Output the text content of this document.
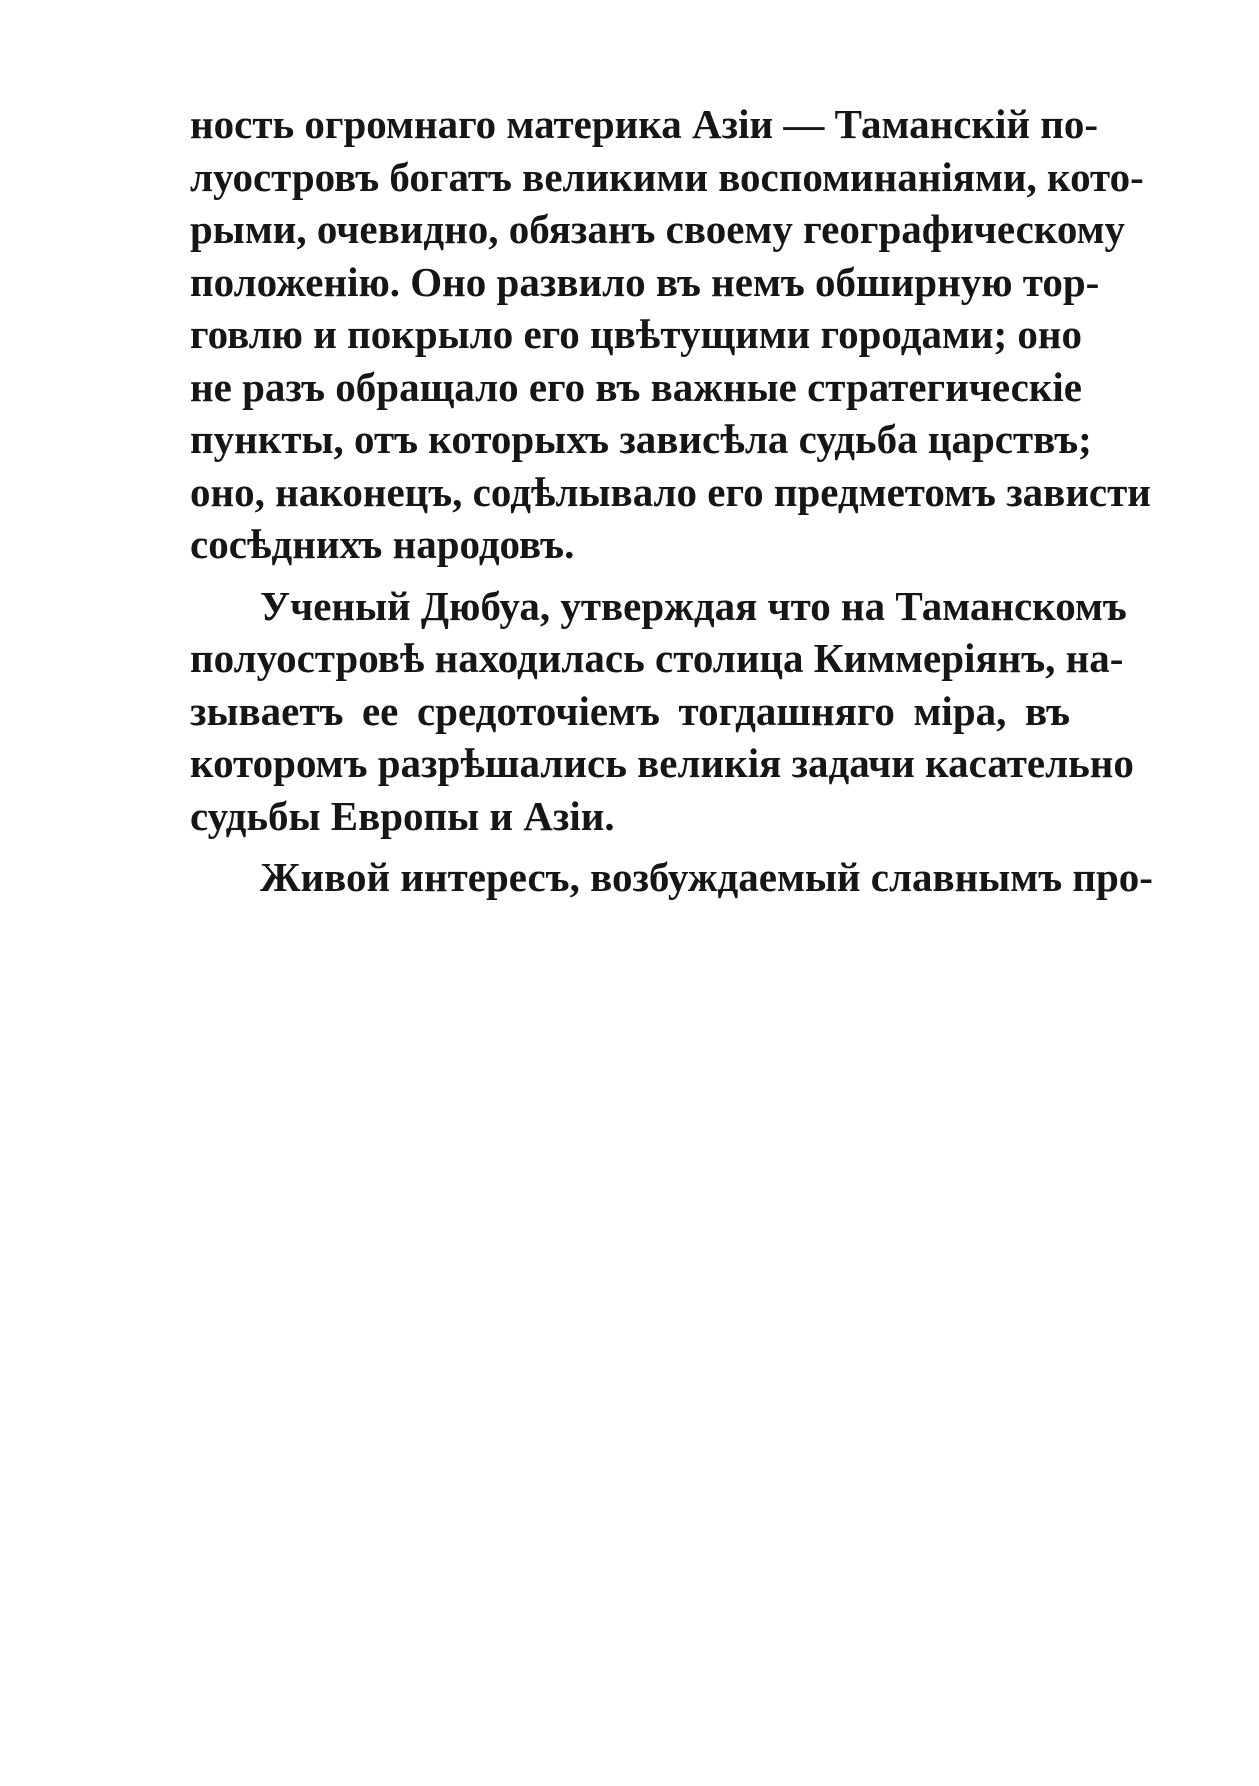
ность огромнаго материка Азіи — Таманскій по-
луостровъ богатъ великими воспоминаніями, кото-
рыми, очевидно, обязанъ своему географическому
положенію. Оно развило въ немъ обширную тор-
говлю и покрыло его цвѣтущими городами; оно
не разъ обращало его въ важные стратегическіе
пункты, отъ которыхъ зависѣла судьба царствъ;
оно, наконецъ, содѣлывало его предметомъ зависти
сосѣднихъ народовъ.
Ученый Дюбуа, утверждая что на Таманскомъ
полуостровѣ находилась столица Киммеріянъ, на-
зываетъ ее средоточіемъ тогдашняго міра, въ
которомъ разрѣшались великія задачи касательно
судьбы Европы и Азіи.
Живой интересъ, возбуждаемый славнымъ про-
